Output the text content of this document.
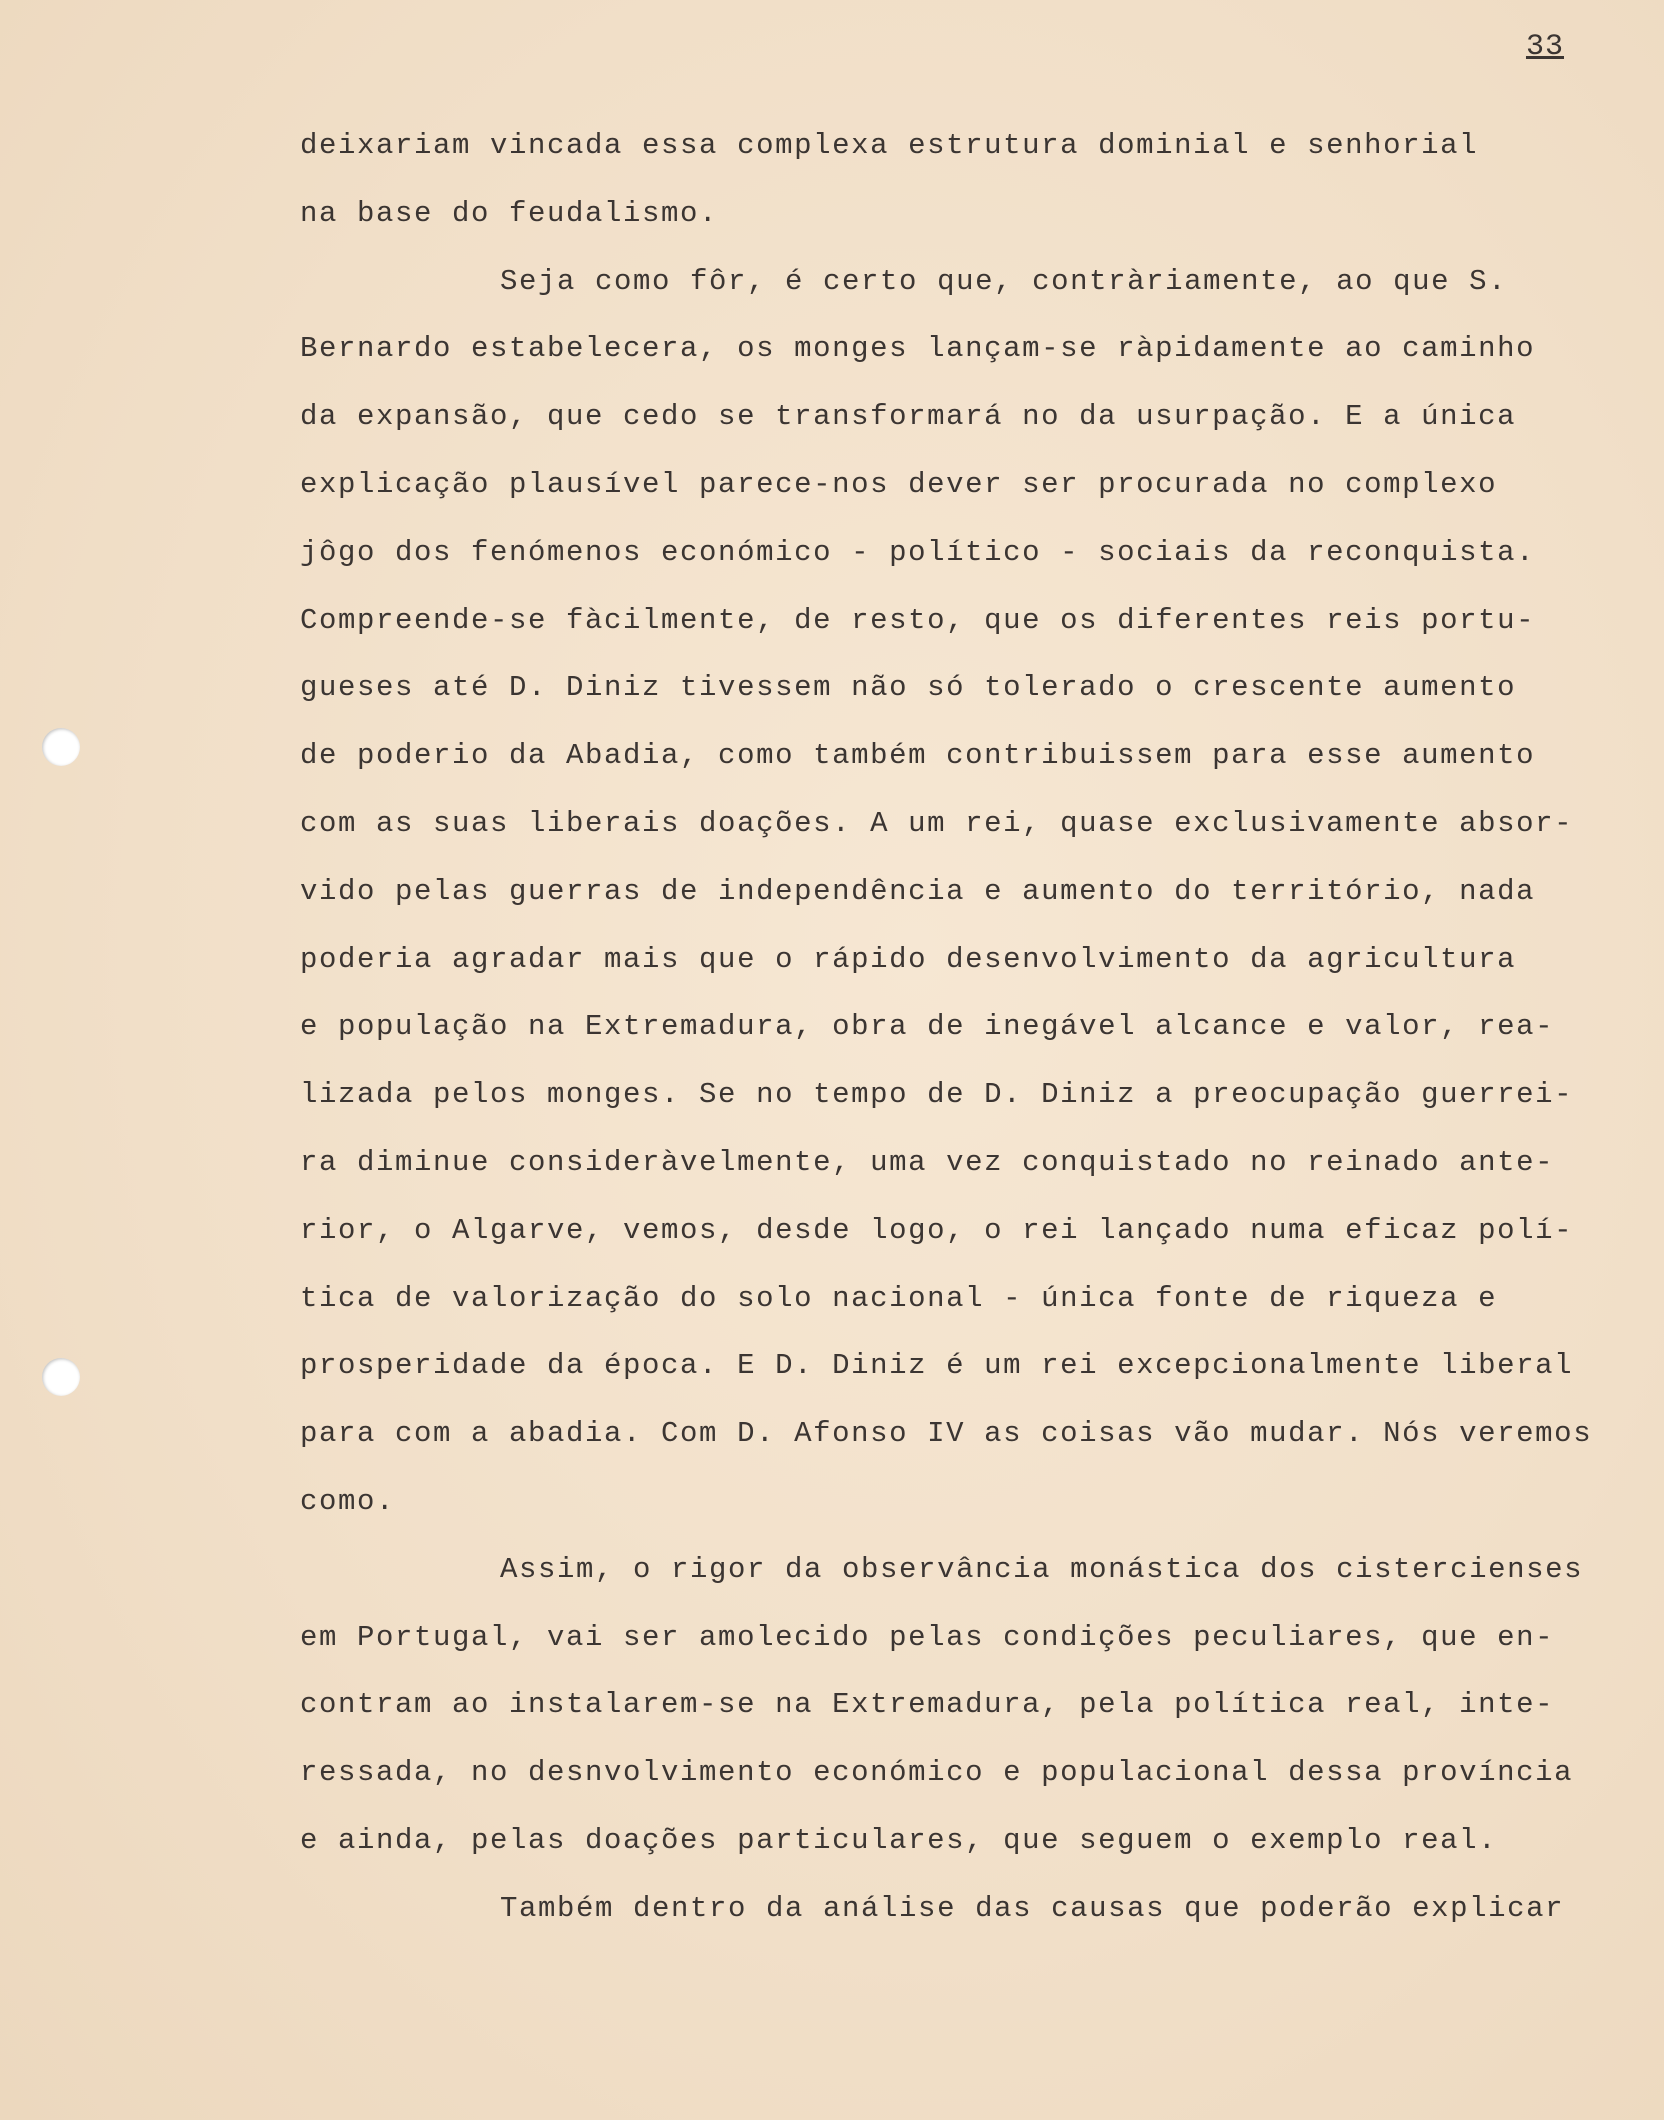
33
deixariam vincada essa complexa estrutura dominial e senhorial
na base do feudalismo.
Seja como fôr, é certo que, contràriamente, ao que S.
Bernardo estabelecera, os monges lançam-se ràpidamente ao caminho
da expansão, que cedo se transformará no da usurpação. E a única
explicação plausível parece-nos dever ser procurada no complexo
jôgo dos fenómenos económico - político - sociais da reconquista.
Compreende-se fàcilmente, de resto, que os diferentes reis portu-
gueses até D. Diniz tivessem não só tolerado o crescente aumento
de poderio da Abadia, como também contribuissem para esse aumento
com as suas liberais doações. A um rei, quase exclusivamente absor-
vido pelas guerras de independência e aumento do território, nada
poderia agradar mais que o rápido desenvolvimento da agricultura
e população na Extremadura, obra de inegável alcance e valor, rea-
lizada pelos monges. Se no tempo de D. Diniz a preocupação guerrei-
ra diminue consideràvelmente, uma vez conquistado no reinado ante-
rior, o Algarve, vemos, desde logo, o rei lançado numa eficaz polí-
tica de valorização do solo nacional - única fonte de riqueza e
prosperidade da época. E D. Diniz é um rei excepcionalmente liberal
para com a abadia. Com D. Afonso IV as coisas vão mudar. Nós veremos
como.
Assim, o rigor da observância monástica dos cistercienses
em Portugal, vai ser amolecido pelas condições peculiares, que en-
contram ao instalarem-se na Extremadura, pela política real, inte-
ressada, no desnvolvimento económico e populacional dessa província
e ainda, pelas doações particulares, que seguem o exemplo real.
Também dentro da análise das causas que poderão explicar
